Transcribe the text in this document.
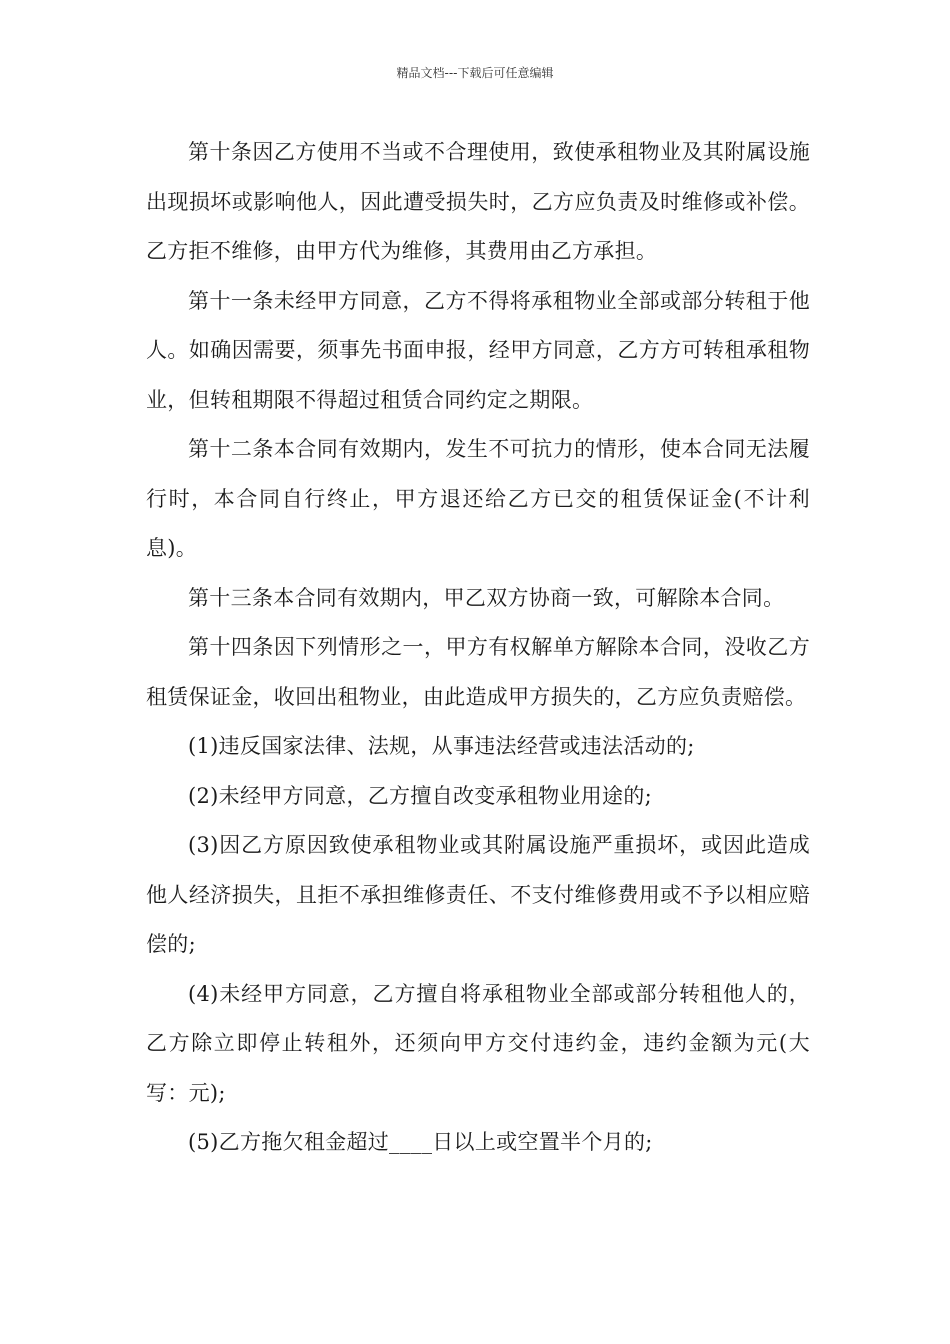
精品文档---下载后可任意编辑

第十条因乙方使用不当或不合理使用，致使承租物业及其附属设施出现损坏或影响他人，因此遭受损失时，乙方应负责及时维修或补偿。乙方拒不维修，由甲方代为维修，其费用由乙方承担。

第十一条未经甲方同意，乙方不得将承租物业全部或部分转租于他人。如确因需要，须事先书面申报，经甲方同意，乙方方可转租承租物业，但转租期限不得超过租赁合同约定之期限。

第十二条本合同有效期内，发生不可抗力的情形，使本合同无法履行时，本合同自行终止，甲方退还给乙方已交的租赁保证金(不计利息)。

第十三条本合同有效期内，甲乙双方协商一致，可解除本合同。

第十四条因下列情形之一，甲方有权解单方解除本合同，没收乙方租赁保证金，收回出租物业，由此造成甲方损失的，乙方应负责赔偿。

(1)违反国家法律、法规，从事违法经营或违法活动的;

(2)未经甲方同意，乙方擅自改变承租物业用途的;

(3)因乙方原因致使承租物业或其附属设施严重损坏，或因此造成他人经济损失，且拒不承担维修责任、不支付维修费用或不予以相应赔偿的;

(4)未经甲方同意，乙方擅自将承租物业全部或部分转租他人的，乙方除立即停止转租外，还须向甲方交付违约金，违约金额为元(大写：元);

(5)乙方拖欠租金超过____日以上或空置半个月的;
